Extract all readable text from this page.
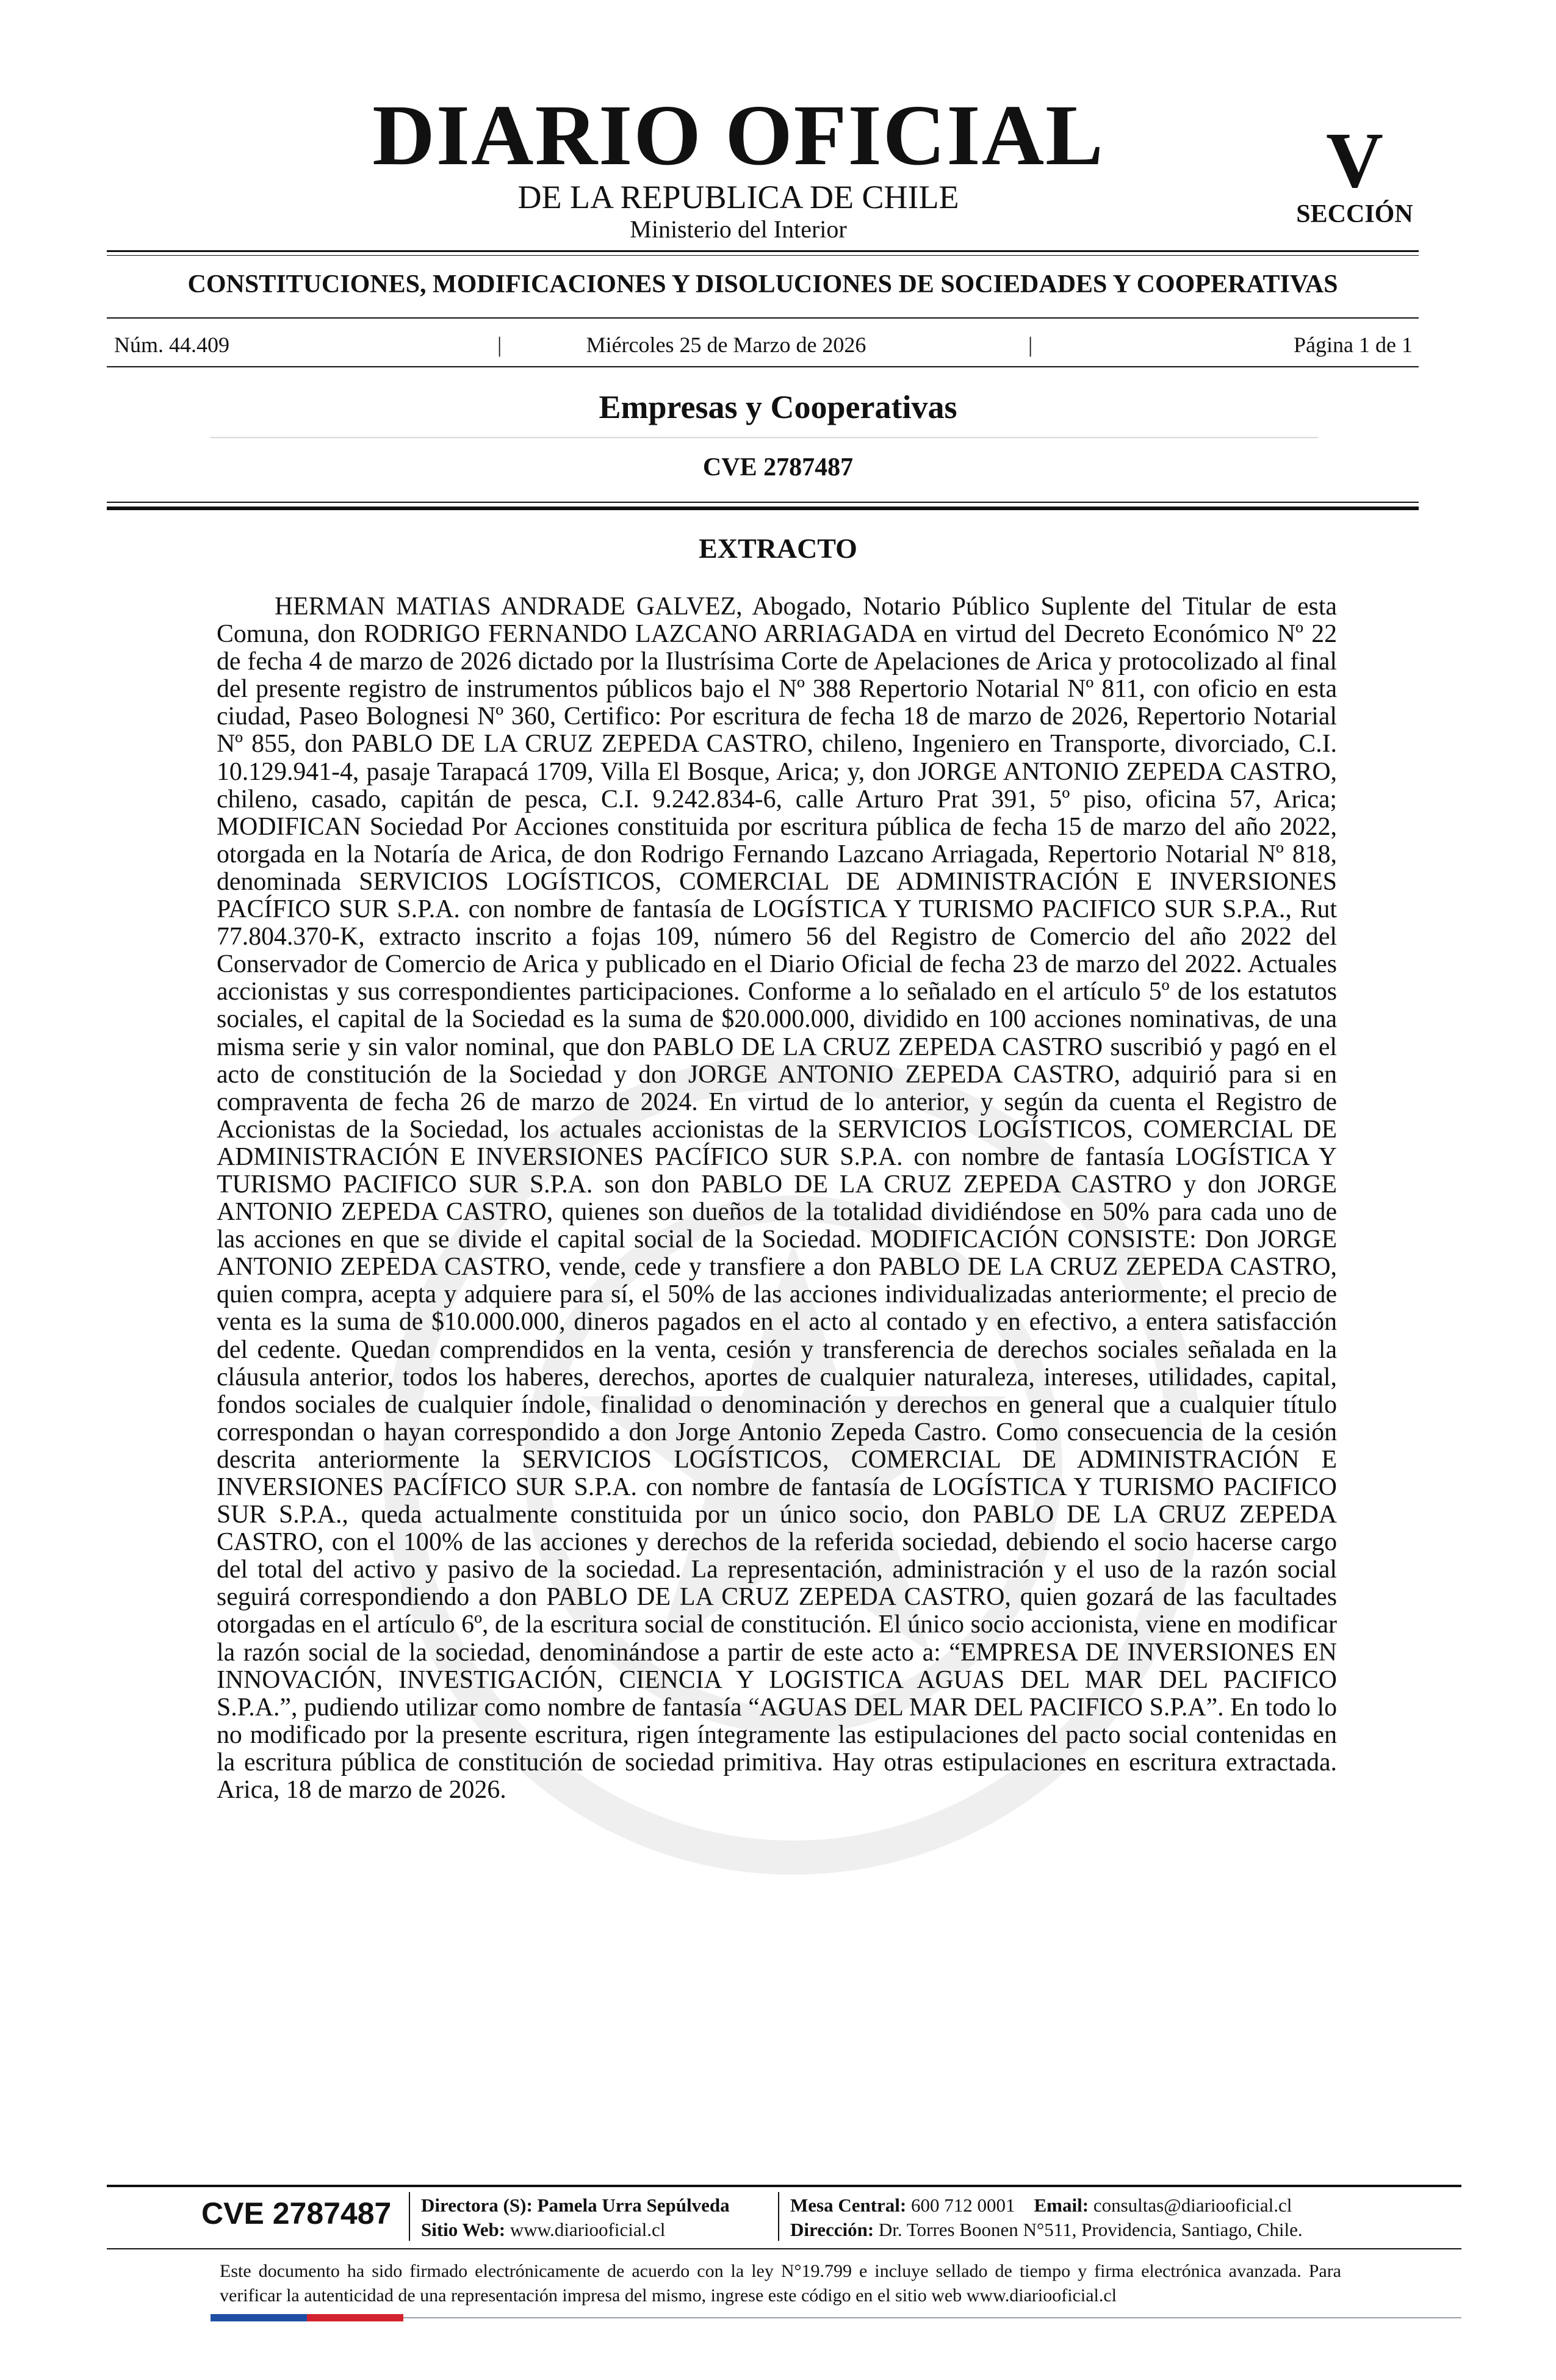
DIARIO OFICIAL
DE LA REPUBLICA DE CHILE
Ministerio del Interior
V
SECCIÓN
CONSTITUCIONES, MODIFICACIONES Y DISOLUCIONES DE SOCIEDADES Y COOPERATIVAS
Núm. 44.409	|	Miércoles 25 de Marzo de 2026	|	Página 1 de 1
Empresas y Cooperativas
CVE 2787487
EXTRACTO

HERMAN MATIAS ANDRADE GALVEZ, Abogado, Notario Público Suplente del Titular de esta Comuna, don RODRIGO FERNANDO LAZCANO ARRIAGADA en virtud del Decreto Económico Nº 22 de fecha 4 de marzo de 2026 dictado por la Ilustrísima Corte de Apelaciones de Arica y protocolizado al final del presente registro de instrumentos públicos bajo el Nº 388 Repertorio Notarial Nº 811, con oficio en esta ciudad, Paseo Bolognesi Nº 360, Certifico: Por escritura de fecha 18 de marzo de 2026, Repertorio Notarial Nº 855, don PABLO DE LA CRUZ ZEPEDA CASTRO, chileno, Ingeniero en Transporte, divorciado, C.I. 10.129.941-4, pasaje Tarapacá 1709, Villa El Bosque, Arica; y, don JORGE ANTONIO ZEPEDA CASTRO, chileno, casado, capitán de pesca, C.I. 9.242.834-6, calle Arturo Prat 391, 5º piso, oficina 57, Arica; MODIFICAN Sociedad Por Acciones constituida por escritura pública de fecha 15 de marzo del año 2022, otorgada en la Notaría de Arica, de don Rodrigo Fernando Lazcano Arriagada, Repertorio Notarial Nº 818, denominada SERVICIOS LOGÍSTICOS, COMERCIAL DE ADMINISTRACIÓN E INVERSIONES PACÍFICO SUR S.P.A. con nombre de fantasía de LOGÍSTICA Y TURISMO PACIFICO SUR S.P.A., Rut 77.804.370-K, extracto inscrito a fojas 109, número 56 del Registro de Comercio del año 2022 del Conservador de Comercio de Arica y publicado en el Diario Oficial de fecha 23 de marzo del 2022. Actuales accionistas y sus correspondientes participaciones. Conforme a lo señalado en el artículo 5º de los estatutos sociales, el capital de la Sociedad es la suma de $20.000.000, dividido en 100 acciones nominativas, de una misma serie y sin valor nominal, que don PABLO DE LA CRUZ ZEPEDA CASTRO suscribió y pagó en el acto de constitución de la Sociedad y don JORGE ANTONIO ZEPEDA CASTRO, adquirió para si en compraventa de fecha 26 de marzo de 2024. En virtud de lo anterior, y según da cuenta el Registro de Accionistas de la Sociedad, los actuales accionistas de la SERVICIOS LOGÍSTICOS, COMERCIAL DE ADMINISTRACIÓN E INVERSIONES PACÍFICO SUR S.P.A. con nombre de fantasía LOGÍSTICA Y TURISMO PACIFICO SUR S.P.A. son don PABLO DE LA CRUZ ZEPEDA CASTRO y don JORGE ANTONIO ZEPEDA CASTRO, quienes son dueños de la totalidad dividiéndose en 50% para cada uno de las acciones en que se divide el capital social de la Sociedad. MODIFICACIÓN CONSISTE: Don JORGE ANTONIO ZEPEDA CASTRO, vende, cede y transfiere a don PABLO DE LA CRUZ ZEPEDA CASTRO, quien compra, acepta y adquiere para sí, el 50% de las acciones individualizadas anteriormente; el precio de venta es la suma de $10.000.000, dineros pagados en el acto al contado y en efectivo, a entera satisfacción del cedente. Quedan comprendidos en la venta, cesión y transferencia de derechos sociales señalada en la cláusula anterior, todos los haberes, derechos, aportes de cualquier naturaleza, intereses, utilidades, capital, fondos sociales de cualquier índole, finalidad o denominación y derechos en general que a cualquier título correspondan o hayan correspondido a don Jorge Antonio Zepeda Castro. Como consecuencia de la cesión descrita anteriormente la SERVICIOS LOGÍSTICOS, COMERCIAL DE ADMINISTRACIÓN E INVERSIONES PACÍFICO SUR S.P.A. con nombre de fantasía de LOGÍSTICA Y TURISMO PACIFICO SUR S.P.A., queda actualmente constituida por un único socio, don PABLO DE LA CRUZ ZEPEDA CASTRO, con el 100% de las acciones y derechos de la referida sociedad, debiendo el socio hacerse cargo del total del activo y pasivo de la sociedad. La representación, administración y el uso de la razón social seguirá correspondiendo a don PABLO DE LA CRUZ ZEPEDA CASTRO, quien gozará de las facultades otorgadas en el artículo 6º, de la escritura social de constitución. El único socio accionista, viene en modificar la razón social de la sociedad, denominándose a partir de este acto a: “EMPRESA DE INVERSIONES EN INNOVACIÓN, INVESTIGACIÓN, CIENCIA Y LOGISTICA AGUAS DEL MAR DEL PACIFICO S.P.A.”, pudiendo utilizar como nombre de fantasía “AGUAS DEL MAR DEL PACIFICO S.P.A”. En todo lo no modificado por la presente escritura, rigen íntegramente las estipulaciones del pacto social contenidas en la escritura pública de constitución de sociedad primitiva. Hay otras estipulaciones en escritura extractada. Arica, 18 de marzo de 2026.

CVE 2787487 Directora (S): Pamela Urra Sepúlveda
Sitio Web: www.diariooficial.cl
Mesa Central: 600 712 0001 Email: consultas@diariooficial.cl
Dirección: Dr. Torres Boonen N°511, Providencia, Santiago, Chile.
Este documento ha sido firmado electrónicamente de acuerdo con la ley N°19.799 e incluye sellado de tiempo y firma electrónica avanzada. Para verificar la autenticidad de una representación impresa del mismo, ingrese este código en el sitio web www.diariooficial.cl
